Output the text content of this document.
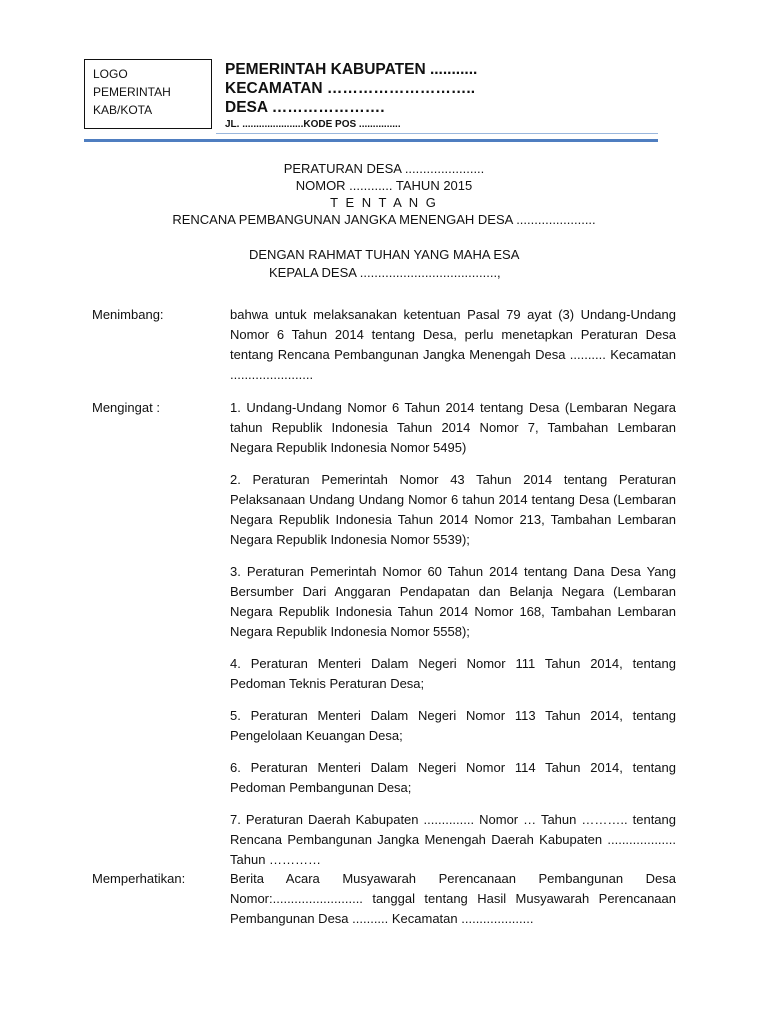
LOGO
PEMERINTAH
KAB/KOTA
PEMERINTAH KABUPATEN ...........
KECAMATAN ………………………..
DESA ………………….
JL. ......................KODE POS ...............
PERATURAN DESA ......................
NOMOR ............ TAHUN 2015
T E N T A N G
RENCANA PEMBANGUNAN JANGKA MENENGAH DESA ......................
DENGAN RAHMAT TUHAN YANG MAHA ESA
KEPALA DESA ......................................,
Menimbang:	bahwa untuk melaksanakan ketentuan Pasal 79 ayat (3) Undang-Undang Nomor 6 Tahun 2014 tentang Desa, perlu menetapkan Peraturan Desa tentang Rencana Pembangunan Jangka Menengah Desa .......... Kecamatan .......................

Mengingat :	1. Undang-Undang Nomor 6 Tahun 2014 tentang Desa (Lembaran Negara tahun Republik Indonesia Tahun 2014 Nomor 7, Tambahan Lembaran Negara Republik Indonesia Nomor 5495)

2. Peraturan Pemerintah Nomor 43 Tahun 2014 tentang Peraturan Pelaksanaan Undang Undang Nomor 6 tahun 2014 tentang Desa (Lembaran Negara Republik Indonesia Tahun 2014 Nomor 213, Tambahan Lembaran Negara Republik Indonesia Nomor 5539);

3. Peraturan Pemerintah Nomor 60 Tahun 2014 tentang Dana Desa Yang Bersumber Dari Anggaran Pendapatan dan Belanja Negara (Lembaran Negara Republik Indonesia Tahun 2014 Nomor 168, Tambahan Lembaran Negara Republik Indonesia Nomor 5558);

4. Peraturan Menteri Dalam Negeri Nomor 111 Tahun 2014, tentang Pedoman Teknis Peraturan Desa;

5. Peraturan Menteri Dalam Negeri Nomor 113 Tahun 2014, tentang Pengelolaan Keuangan Desa;

6. Peraturan Menteri Dalam Negeri Nomor 114 Tahun 2014, tentang Pedoman Pembangunan Desa;

7. Peraturan Daerah Kabupaten .............. Nomor … Tahun ……….. tentang Rencana Pembangunan Jangka Menengah Daerah Kabupaten ................... Tahun …………

Memperhatikan:	Berita Acara Musyawarah Perencanaan Pembangunan Desa Nomor:......................... tanggal tentang Hasil Musyawarah Perencanaan Pembangunan Desa .......... Kecamatan ....................
